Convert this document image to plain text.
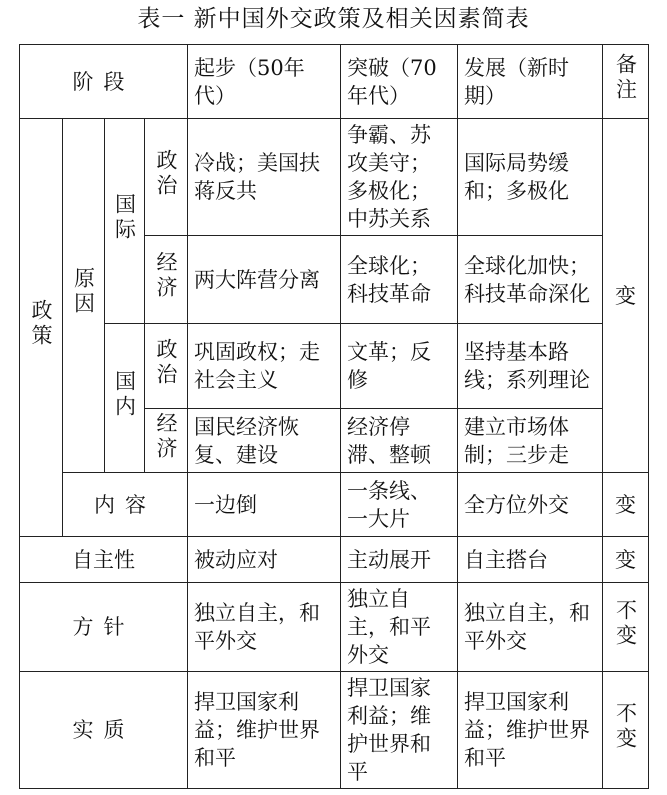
表一 新中国外交政策及相关因素简表
阶段				起步（50年代）	突破（70年代）	发展（新时期）	备注
政策	原因	国际	政治	冷战；美国扶蒋反共	争霸、苏攻美守；多极化；中苏关系	国际局势缓和；多极化	变
			经济	两大阵营分离	全球化；科技革命	全球化加快；科技革命深化	
		国内	政治	巩固政权；走社会主义	文革；反修	坚持基本路线；系列理论	
			经济	国民经济恢复、建设	经济停滞、整顿	建立市场体制；三步走	
	内容			一边倒	一条线、一大片	全方位外交	变
自主性				被动应对	主动展开	自主搭台	变
方针				独立自主，和平外交	独立自主，和平外交	独立自主，和平外交	不变
实质				捍卫国家利益；维护世界和平	捍卫国家利益；维护世界和平	捍卫国家利益；维护世界和平	不变
